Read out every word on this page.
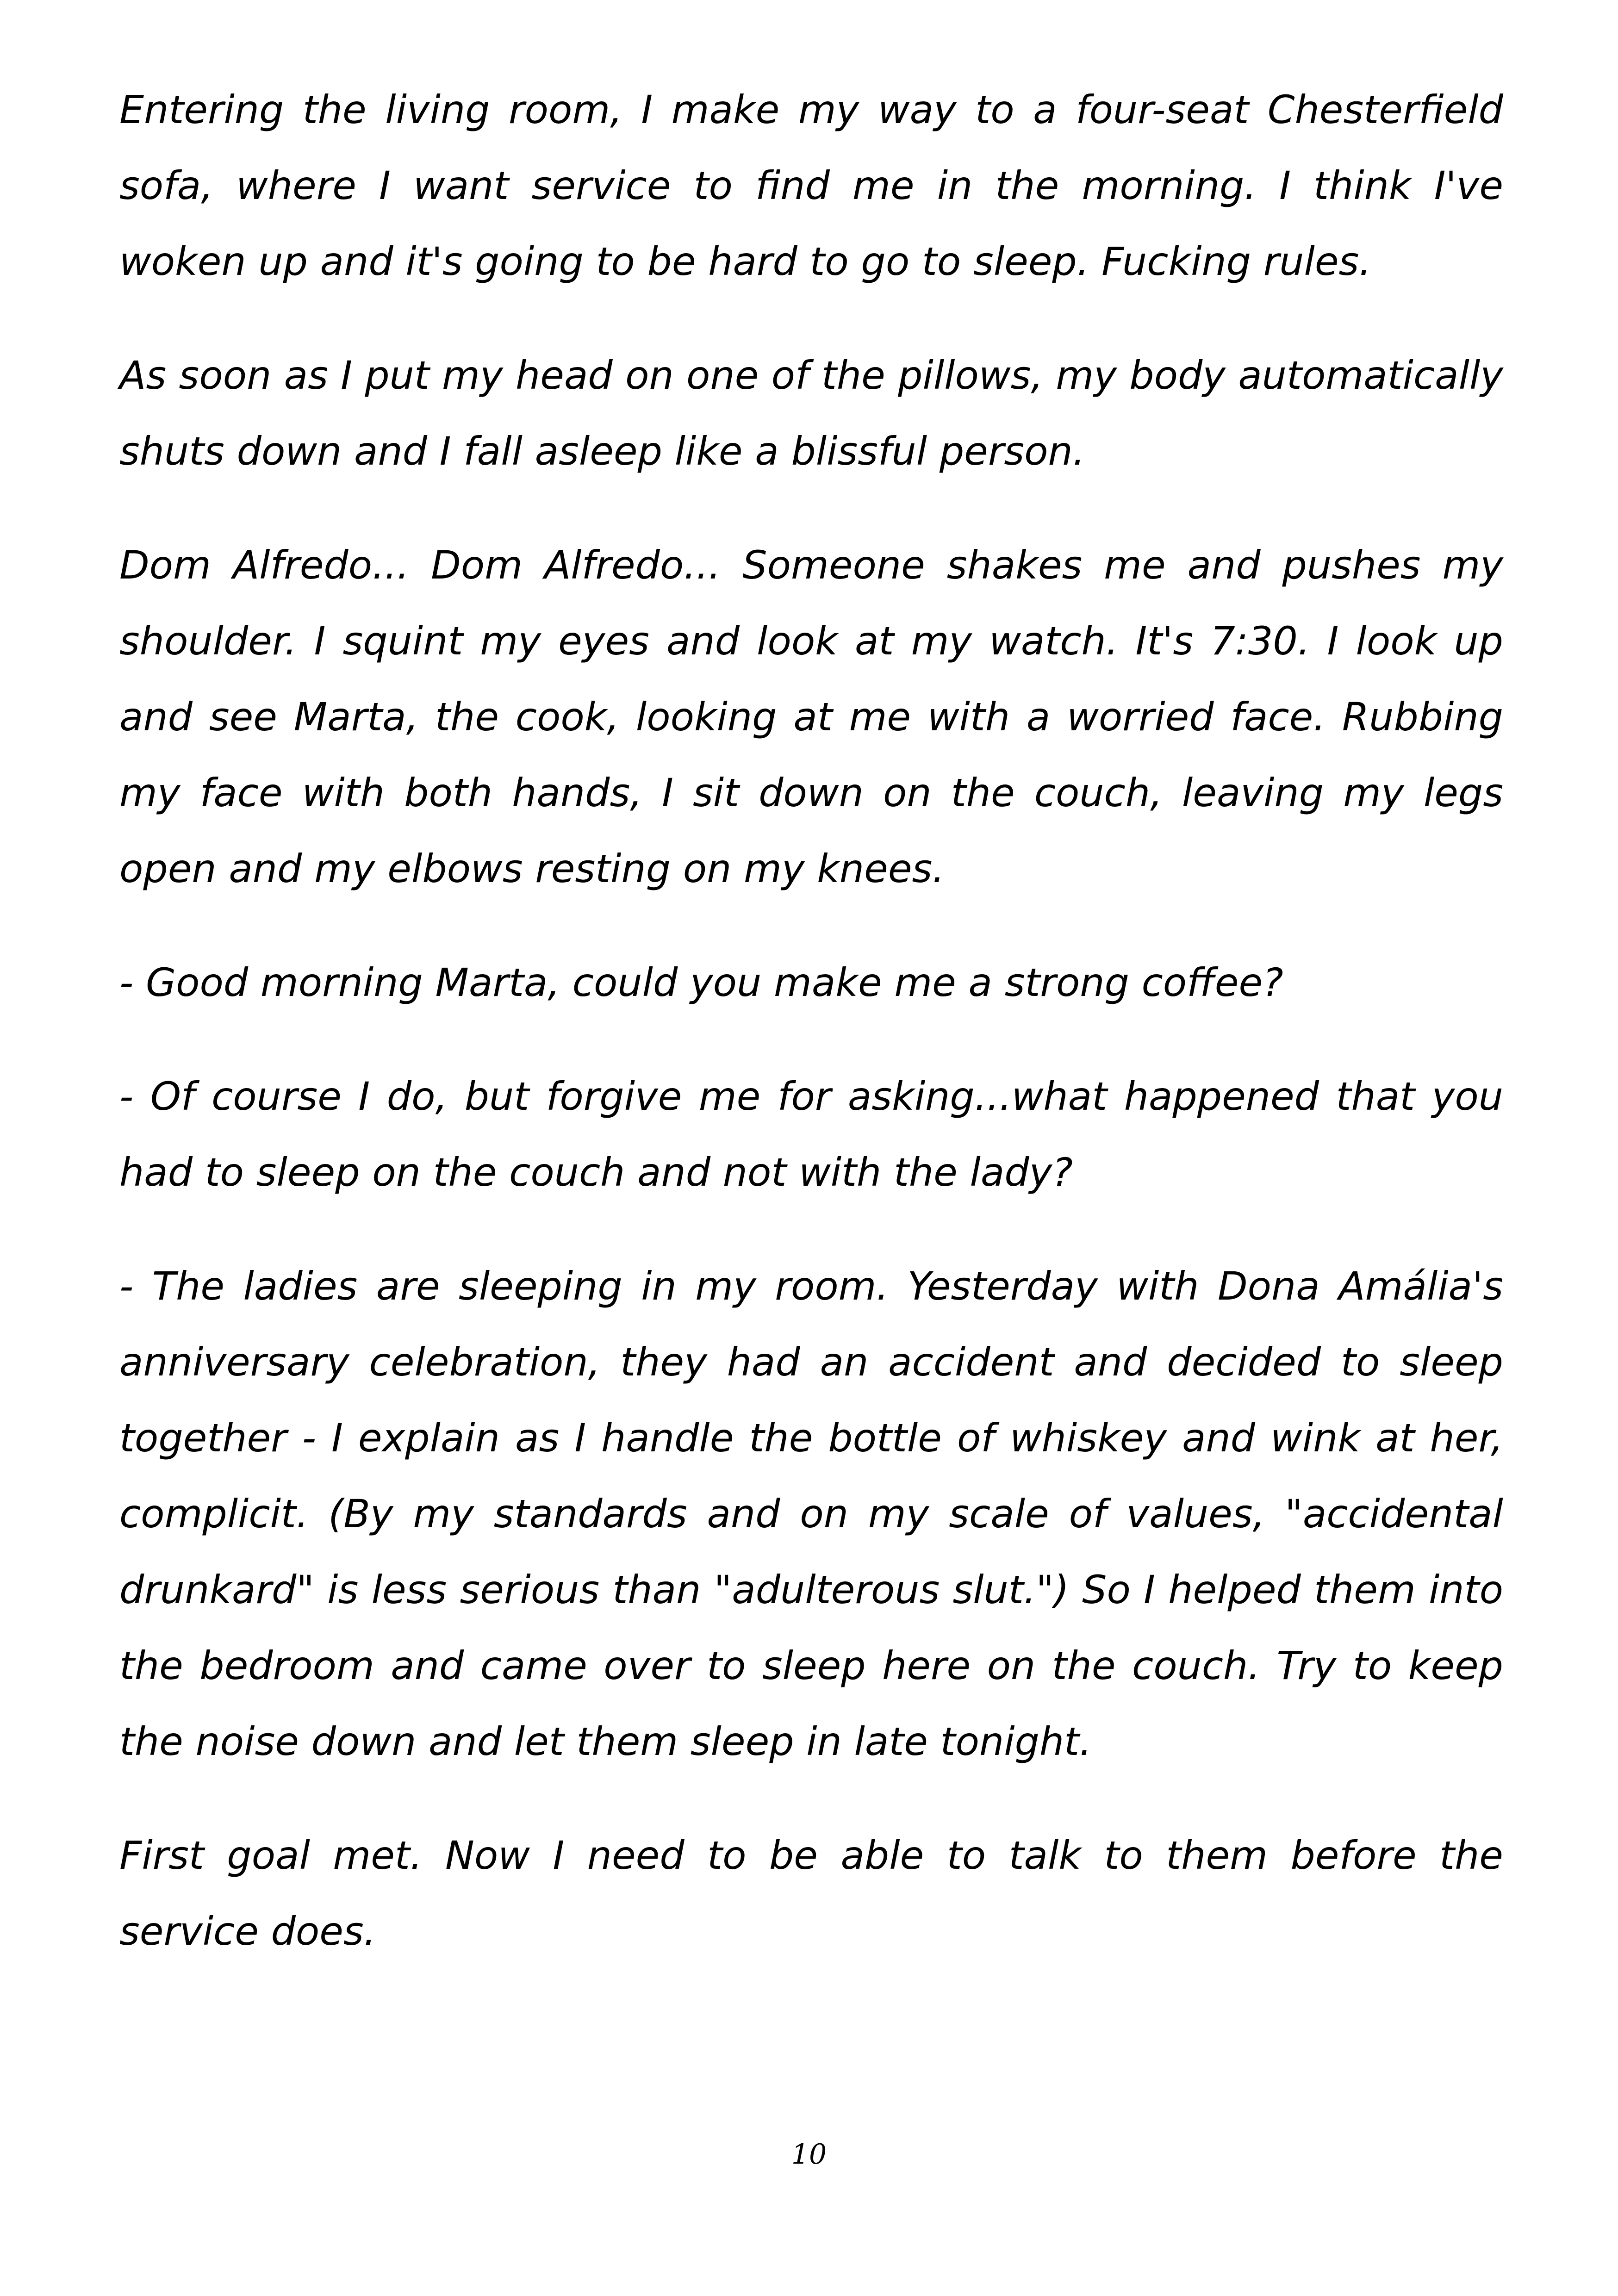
Entering the living room, I make my way to a four-seat Chesterfield sofa, where I want service to find me in the morning. I think I've woken up and it's going to be hard to go to sleep. Fucking rules.

As soon as I put my head on one of the pillows, my body automatically shuts down and I fall asleep like a blissful person.

Dom Alfredo... Dom Alfredo... Someone shakes me and pushes my shoulder. I squint my eyes and look at my watch. It's 7:30. I look up and see Marta, the cook, looking at me with a worried face. Rubbing my face with both hands, I sit down on the couch, leaving my legs open and my elbows resting on my knees.

- Good morning Marta, could you make me a strong coffee?

- Of course I do, but forgive me for asking...what happened that you had to sleep on the couch and not with the lady?

- The ladies are sleeping in my room. Yesterday with Dona Amália's anniversary celebration, they had an accident and decided to sleep together - I explain as I handle the bottle of whiskey and wink at her, complicit. (By my standards and on my scale of values, "accidental drunkard" is less serious than "adulterous slut.") So I helped them into the bedroom and came over to sleep here on the couch. Try to keep the noise down and let them sleep in late tonight.

First goal met. Now I need to be able to talk to them before the service does.

10
